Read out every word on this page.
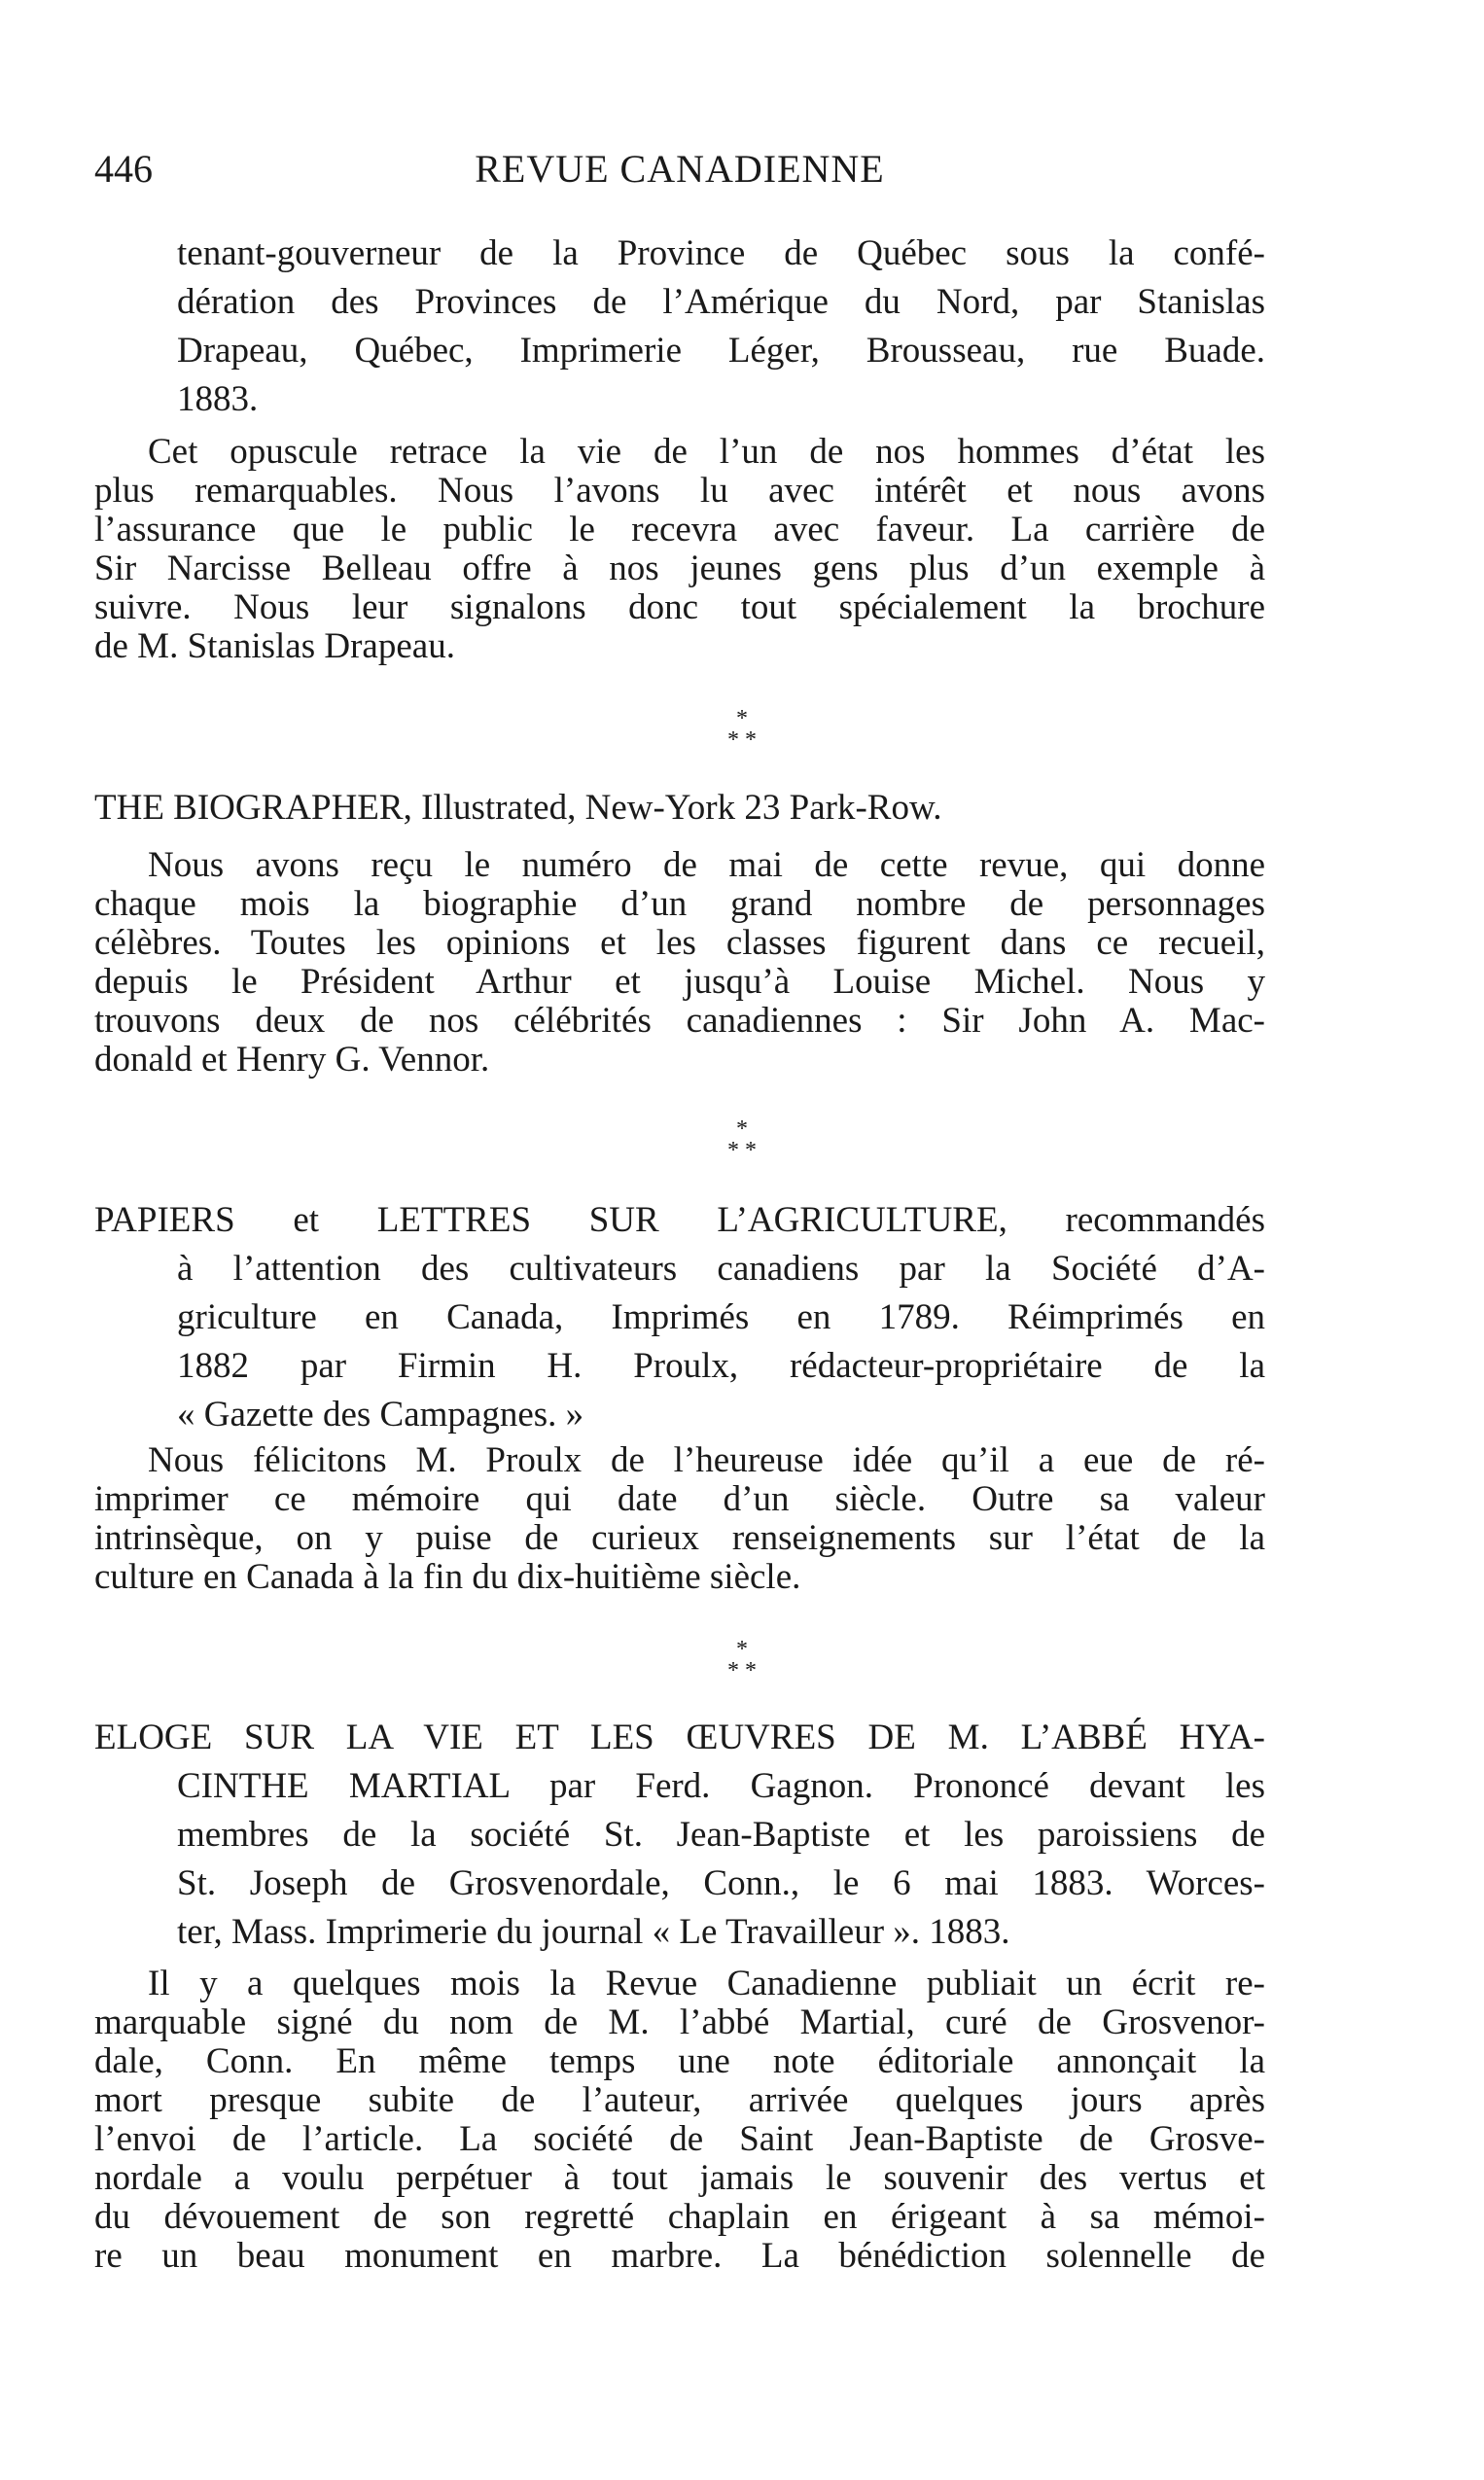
446	REVUE CANADIENNE
tenant-gouverneur de la Province de Québec sous la confé-
dération des Provinces de l’Amérique du Nord, par Stanislas
Drapeau, Québec, Imprimerie Léger, Brousseau, rue Buade.
1883.
Cet opuscule retrace la vie de l’un de nos hommes d’état les
plus remarquables. Nous l’avons lu avec intérêt et nous avons
l’assurance que le public le recevra avec faveur. La carrière de
Sir Narcisse Belleau offre à nos jeunes gens plus d’un exemple à
suivre. Nous leur signalons donc tout spécialement la brochure
de M. Stanislas Drapeau.
*
* *
THE BIOGRAPHER, Illustrated, New-York 23 Park-Row.
Nous avons reçu le numéro de mai de cette revue, qui donne
chaque mois la biographie d’un grand nombre de personnages
célèbres. Toutes les opinions et les classes figurent dans ce recueil,
depuis le Président Arthur et jusqu’à Louise Michel. Nous y
trouvons deux de nos célébrités canadiennes : Sir John A. Mac-
donald et Henry G. Vennor.
*
* *
PAPIERS et LETTRES SUR L’AGRICULTURE, recommandés
à l’attention des cultivateurs canadiens par la Société d’A-
griculture en Canada, Imprimés en 1789. Réimprimés en
1882 par Firmin H. Proulx, rédacteur-propriétaire de la
« Gazette des Campagnes. »
Nous félicitons M. Proulx de l’heureuse idée qu’il a eue de ré-
imprimer ce mémoire qui date d’un siècle. Outre sa valeur
intrinsèque, on y puise de curieux renseignements sur l’état de la
culture en Canada à la fin du dix-huitième siècle.
*
* *
ELOGE SUR LA VIE ET LES ŒUVRES DE M. L’ABBÉ HYA-
CINTHE MARTIAL par Ferd. Gagnon. Prononcé devant les
membres de la société St. Jean-Baptiste et les paroissiens de
St. Joseph de Grosvenordale, Conn., le 6 mai 1883. Worces-
ter, Mass. Imprimerie du journal « Le Travailleur ». 1883.
Il y a quelques mois la Revue Canadienne publiait un écrit re-
marquable signé du nom de M. l’abbé Martial, curé de Grosvenor-
dale, Conn. En même temps une note éditoriale annonçait la
mort presque subite de l’auteur, arrivée quelques jours après
l’envoi de l’article. La société de Saint Jean-Baptiste de Grosve-
nordale a voulu perpétuer à tout jamais le souvenir des vertus et
du dévouement de son regretté chaplain en érigeant à sa mémoi-
re un beau monument en marbre. La bénédiction solennelle de
